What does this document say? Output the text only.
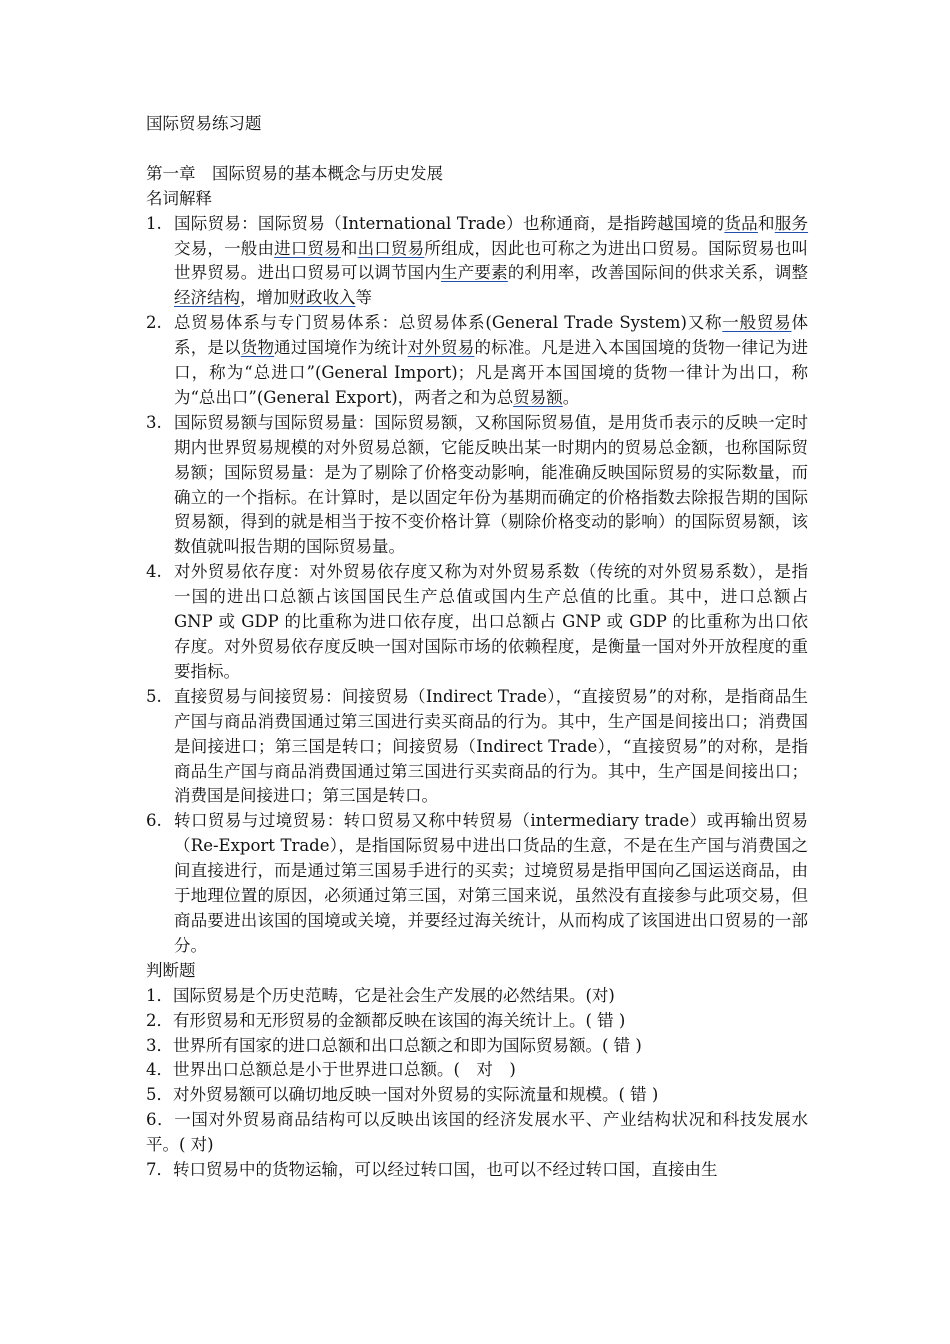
国际贸易练习题
第一章　国际贸易的基本概念与历史发展
名词解释
1. 国际贸易：国际贸易（International Trade）也称通商，是指跨越国境的货品和服务交易，一般由进口贸易和出口贸易所组成，因此也可称之为进出口贸易。国际贸易也叫世界贸易。进出口贸易可以调节国内生产要素的利用率，改善国际间的供求关系，调整经济结构，增加财政收入等
2. 总贸易体系与专门贸易体系：总贸易体系(General Trade System)又称一般贸易体系，是以货物通过国境作为统计对外贸易的标准。凡是进入本国国境的货物一律记为进口，称为“总进口”(General Import)；凡是离开本国国境的货物一律计为出口，称为“总出口”(General Export)，两者之和为总贸易额。
3. 国际贸易额与国际贸易量：国际贸易额，又称国际贸易值，是用货币表示的反映一定时期内世界贸易规模的对外贸易总额，它能反映出某一时期内的贸易总金额，也称国际贸易额；国际贸易量：是为了剔除了价格变动影响，能准确反映国际贸易的实际数量，而确立的一个指标。在计算时，是以固定年份为基期而确定的价格指数去除报告期的国际贸易额，得到的就是相当于按不变价格计算（剔除价格变动的影响）的国际贸易额，该数值就叫报告期的国际贸易量。
4. 对外贸易依存度：对外贸易依存度又称为对外贸易系数（传统的对外贸易系数），是指一国的进出口总额占该国国民生产总值或国内生产总值的比重。其中，进口总额占 GNP 或 GDP 的比重称为进口依存度，出口总额占 GNP 或 GDP 的比重称为出口依存度。对外贸易依存度反映一国对国际市场的依赖程度，是衡量一国对外开放程度的重要指标。
5. 直接贸易与间接贸易：间接贸易（Indirect Trade），“直接贸易”的对称，是指商品生产国与商品消费国通过第三国进行卖买商品的行为。其中，生产国是间接出口；消费国是间接进口；第三国是转口；间接贸易（Indirect Trade），“直接贸易”的对称，是指商品生产国与商品消费国通过第三国进行买卖商品的行为。其中，生产国是间接出口；消费国是间接进口；第三国是转口。
6. 转口贸易与过境贸易：转口贸易又称中转贸易（intermediary trade）或再输出贸易（Re-Export Trade），是指国际贸易中进出口货品的生意，不是在生产国与消费国之间直接进行，而是通过第三国易手进行的买卖；过境贸易是指甲国向乙国运送商品，由于地理位置的原因，必须通过第三国，对第三国来说，虽然没有直接参与此项交易，但商品要进出该国的国境或关境，并要经过海关统计，从而构成了该国进出口贸易的一部分。
判断题
1．国际贸易是个历史范畴，它是社会生产发展的必然结果。(对)
2．有形贸易和无形贸易的金额都反映在该国的海关统计上。( 错 )
3．世界所有国家的进口总额和出口总额之和即为国际贸易额。( 错 )
4．世界出口总额总是小于世界进口总额。(　对　)
5．对外贸易额可以确切地反映一国对外贸易的实际流量和规模。( 错 )
6．一国对外贸易商品结构可以反映出该国的经济发展水平、产业结构状况和科技发展水平。( 对)
7．转口贸易中的货物运输，可以经过转口国，也可以不经过转口国，直接由生
